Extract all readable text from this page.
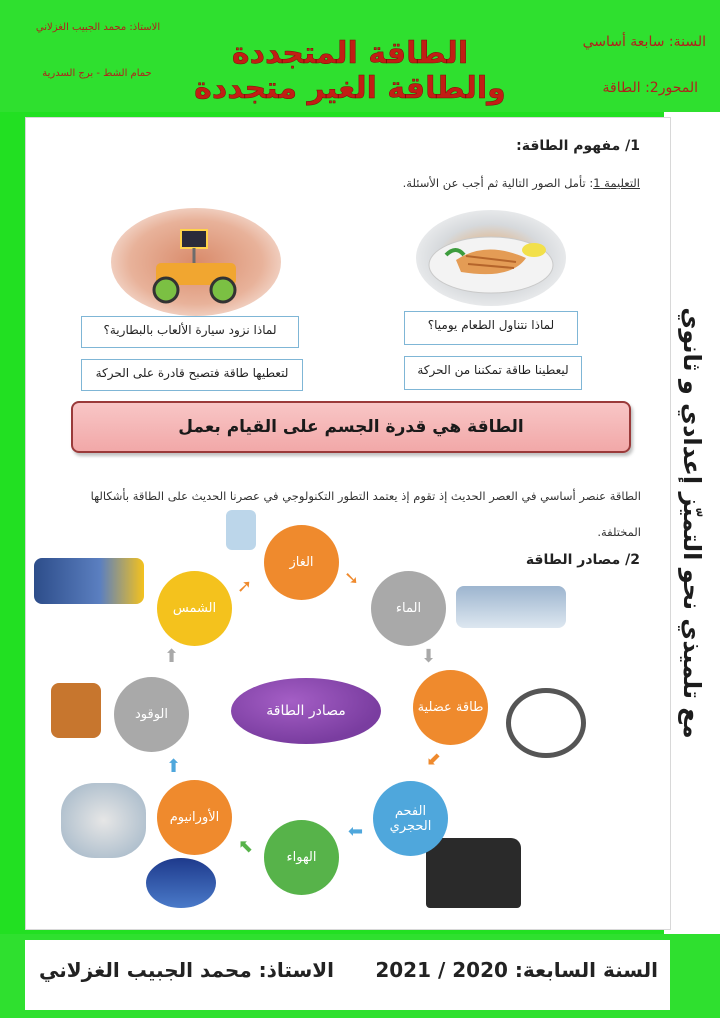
السنة: سابعة أساسي
المحور2: الطاقة
الطاقة المتجددة والطاقة الغير متجددة
الاستاذ: محمد الجبيب الغزلاني
حمام الشط - برج السدرية
مع تلميذي نحو التميّز إعدادي و ثانوي
1/ مفهوم الطاقة:
التعليمة 1: تأمل الصور التالية ثم أجب عن الأسئلة.
لماذا نزود سيارة الألعاب بالبطارية؟
لتعطيها طاقة فتصبح قادرة على الحركة
لماذا نتناول الطعام يوميا؟
ليعطينا طاقة تمكننا من الحركة
الطاقة هي قدرة الجسم على القيام بعمل
الطاقة عنصر أساسي في العصر الحديث إذ تقوم إذ يعتمد التطور التكنولوجي في عصرنا الحديث على الطاقة بأشكالها المختلفة.
2/ مصادر الطاقة
الغاز
الماء
طاقة عضلية
الفحم الحجري
الهواء
الأورانيوم
الوقود
الشمس
مصادر الطاقة
➘
⬇
⬋
⬅
⬉
⬆
⬆
➚
السنة السابعة: 2020 / 2021
الاستاذ: محمد الجبيب الغزلاني
